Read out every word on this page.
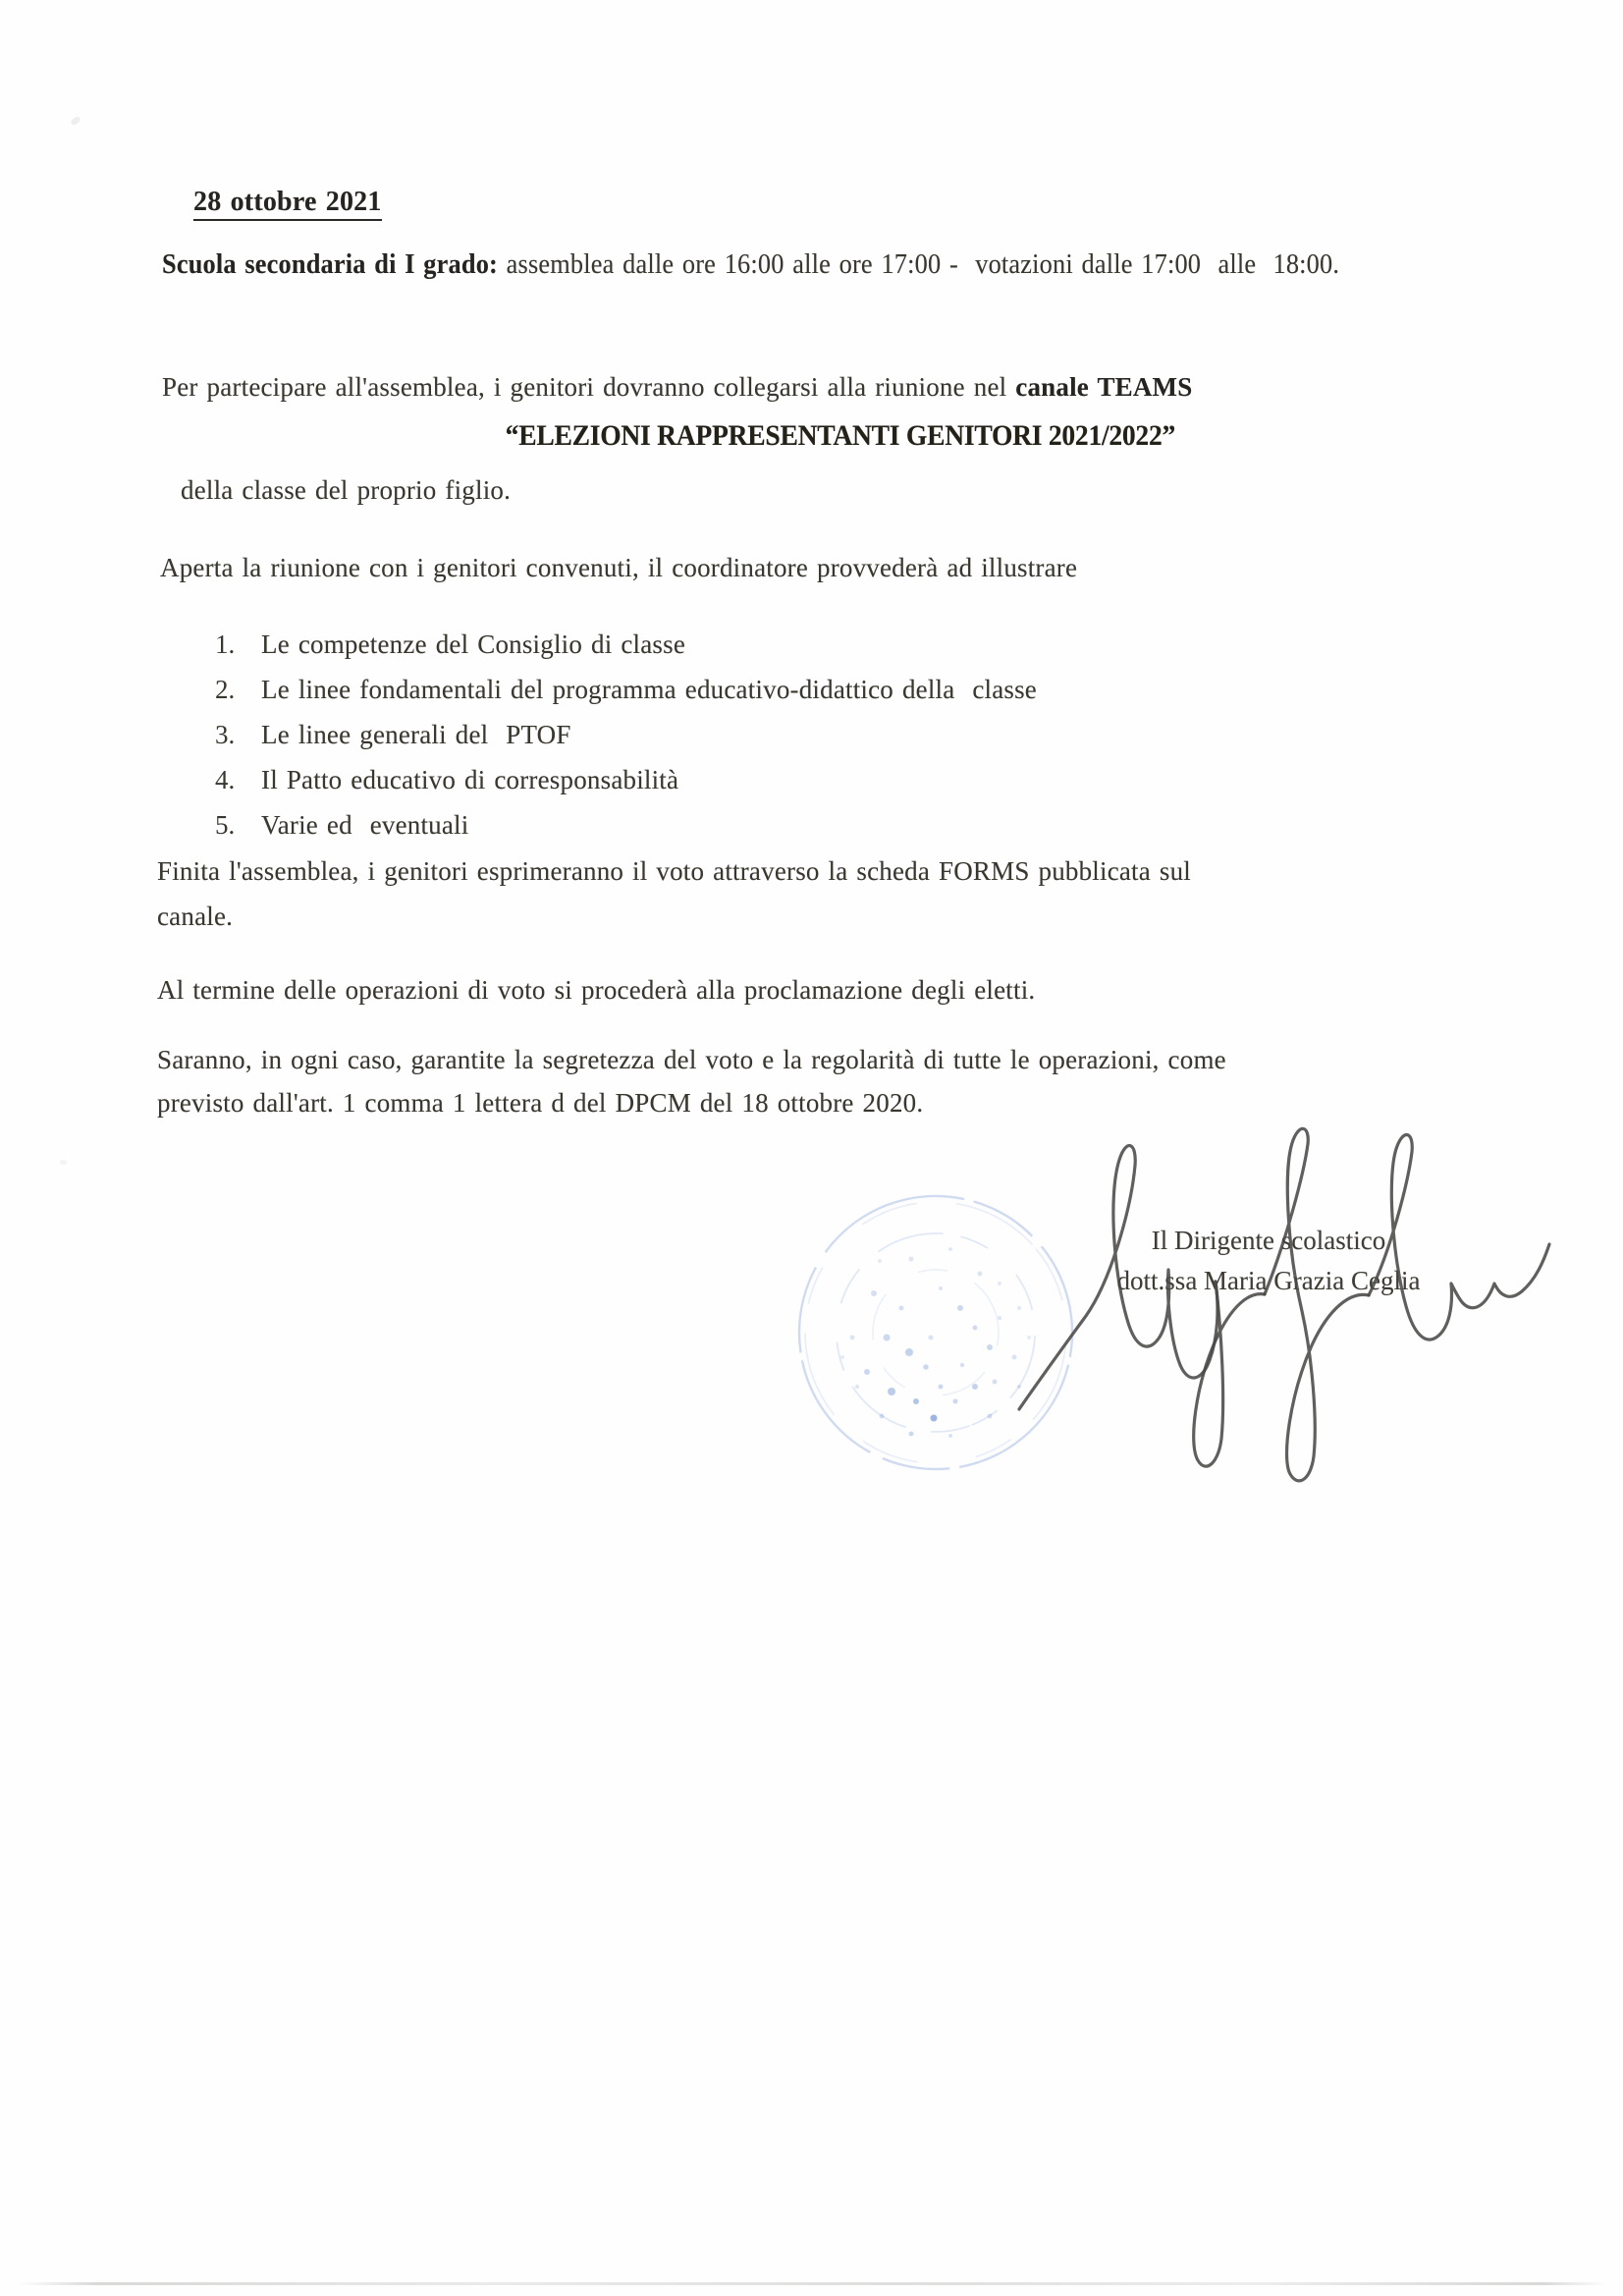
28 ottobre 2021
Scuola secondaria di I grado: assemblea dalle ore 16:00 alle ore 17:00 -  votazioni dalle 17:00  alle  18:00.
Per partecipare all'assemblea, i genitori dovranno collegarsi alla riunione nel canale TEAMS
“ELEZIONI RAPPRESENTANTI GENITORI 2021/2022”
della classe del proprio figlio.
Aperta la riunione con i genitori convenuti, il coordinatore provvederà ad illustrare
1. Le competenze del Consiglio di classe
2. Le linee fondamentali del programma educativo-didattico della  classe
3. Le linee generali del  PTOF
4. Il Patto educativo di corresponsabilità
5. Varie ed  eventuali
Finita l'assemblea, i genitori esprimeranno il voto attraverso la scheda FORMS pubblicata sul
canale.
Al termine delle operazioni di voto si procederà alla proclamazione degli eletti.
Saranno, in ogni caso, garantite la segretezza del voto e la regolarità di tutte le operazioni, come
previsto dall'art. 1 comma 1 lettera d del DPCM del 18 ottobre 2020.
Il Dirigente scolastico
dott.ssa Maria Grazia Ceglia
